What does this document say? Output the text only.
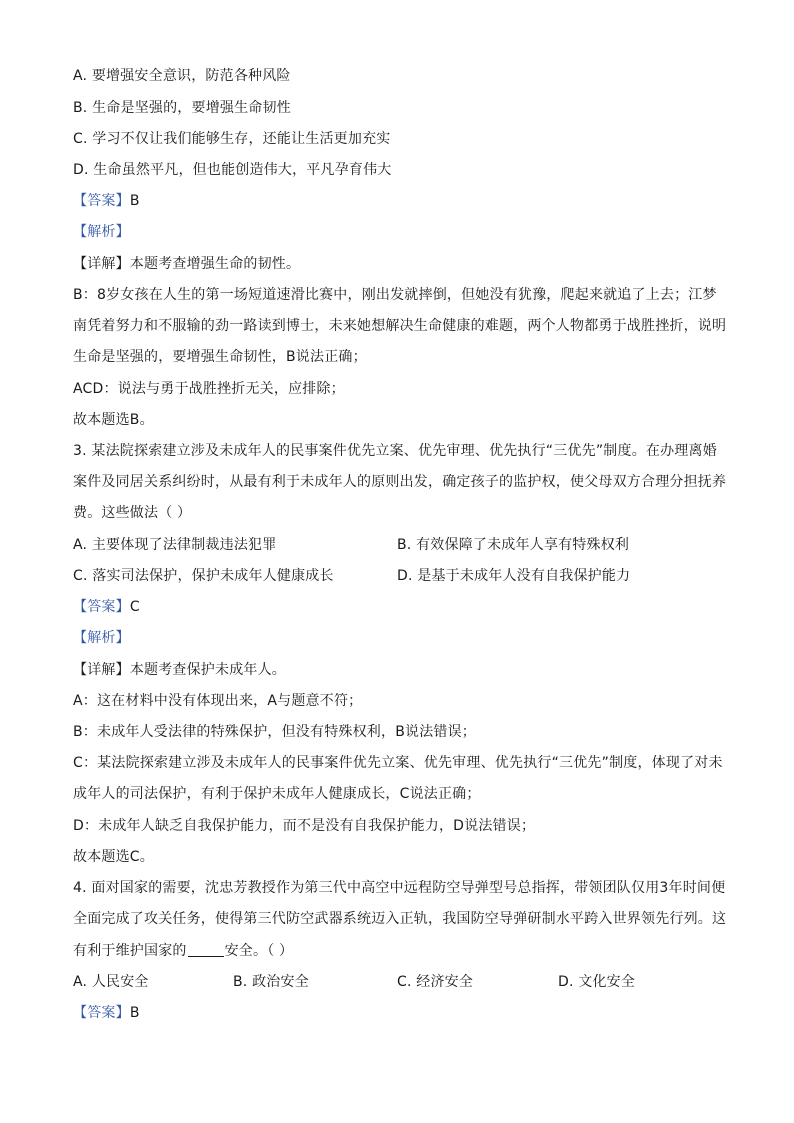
A. 要增强安全意识，防范各种风险
B. 生命是坚强的，要增强生命韧性
C. 学习不仅让我们能够生存，还能让生活更加充实
D. 生命虽然平凡，但也能创造伟大，平凡孕育伟大
【答案】B
【解析】
【详解】本题考查增强生命的韧性。
B：8岁女孩在人生的第一场短道速滑比赛中，刚出发就摔倒，但她没有犹豫，爬起来就追了上去；江梦
南凭着努力和不服输的劲一路读到博士，未来她想解决生命健康的难题，两个人物都勇于战胜挫折，说明
生命是坚强的，要增强生命韧性，B说法正确；
ACD：说法与勇于战胜挫折无关，应排除；
故本题选B。
3. 某法院探索建立涉及未成年人的民事案件优先立案、优先审理、优先执行“三优先”制度。在办理离婚
案件及同居关系纠纷时，从最有利于未成年人的原则出发，确定孩子的监护权，使父母双方合理分担抚养
费。这些做法（ ）
A. 主要体现了法律制裁违法犯罪	B. 有效保障了未成年人享有特殊权利
C. 落实司法保护，保护未成年人健康成长	D. 是基于未成年人没有自我保护能力
【答案】C
【解析】
【详解】本题考查保护未成年人。
A：这在材料中没有体现出来，A与题意不符；
B：未成年人受法律的特殊保护，但没有特殊权利，B说法错误；
C：某法院探索建立涉及未成年人的民事案件优先立案、优先审理、优先执行“三优先”制度，体现了对未
成年人的司法保护，有利于保护未成年人健康成长，C说法正确；
D：未成年人缺乏自我保护能力，而不是没有自我保护能力，D说法错误；
故本题选C。
4. 面对国家的需要，沈忠芳教授作为第三代中高空中远程防空导弹型号总指挥，带领团队仅用3年时间便
全面完成了攻关任务，使得第三代防空武器系统迈入正轨，我国防空导弹研制水平跨入世界领先行列。这
有利于维护国家的	安全。（ ）
A. 人民安全	B. 政治安全	C. 经济安全	D. 文化安全
【答案】B
